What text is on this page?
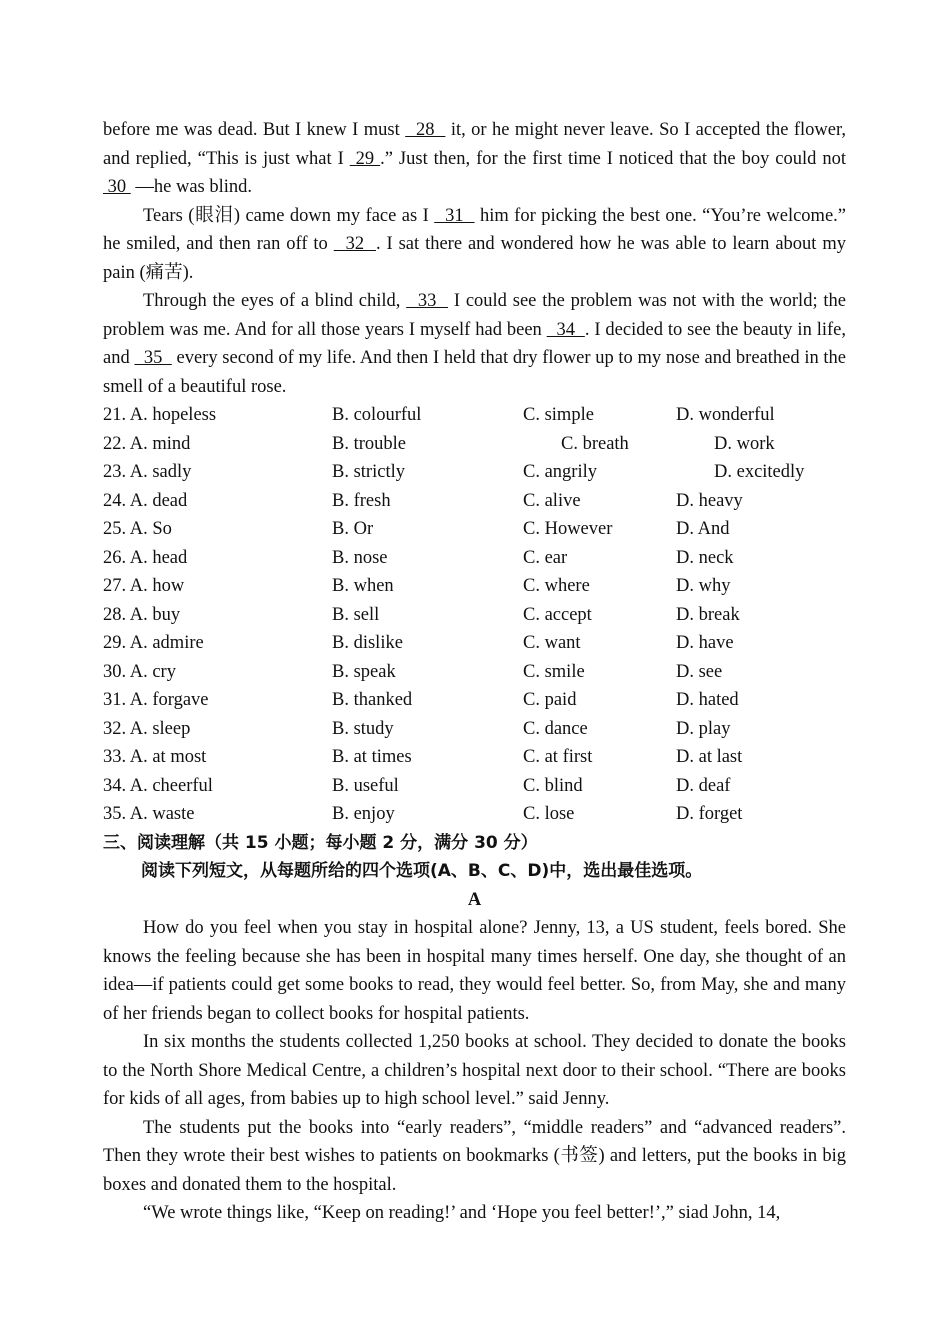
before me was dead. But I knew I must   28   it, or he might never leave. So I accepted the flower, and replied, “This is just what I  29 .” Just then, for the first time I noticed that the boy could not  30  —he was blind.

Tears (眼泪) came down my face as I   31   him for picking the best one. “You’re welcome.” he smiled, and then ran off to   32  . I sat there and wondered how he was able to learn about my pain (痛苦).

Through the eyes of a blind child,   33   I could see the problem was not with the world; the problem was me. And for all those years I myself had been   34  . I decided to see the beauty in life, and   35   every second of my life. And then I held that dry flower up to my nose and breathed in the smell of a beautiful rose.

21. A. hopeless	B. colourful	C. simple	D. wonderful
22. A. mind	B. trouble	C. breath	D. work
23. A. sadly	B. strictly	C. angrily	D. excitedly
24. A. dead	B. fresh	C. alive	D. heavy
25. A. So	B. Or	C. However	D. And
26. A. head	B. nose	C. ear	D. neck
27. A. how	B. when	C. where	D. why
28. A. buy	B. sell	C. accept	D. break
29. A. admire	B. dislike	C. want	D. have
30. A. cry	B. speak	C. smile	D. see
31. A. forgave	B. thanked	C. paid	D. hated
32. A. sleep	B. study	C. dance	D. play
33. A. at most	B. at times	C. at first	D. at last
34. A. cheerful	B. useful	C. blind	D. deaf
35. A. waste	B. enjoy	C. lose	D. forget

三、阅读理解（共 15 小题；每小题 2 分，满分 30 分）

阅读下列短文，从每题所给的四个选项(A、B、C、D)中，选出最佳选项。

A

How do you feel when you stay in hospital alone? Jenny, 13, a US student, feels bored. She knows the feeling because she has been in hospital many times herself. One day, she thought of an idea—if patients could get some books to read, they would feel better. So, from May, she and many of her friends began to collect books for hospital patients.

In six months the students collected 1,250 books at school. They decided to donate the books to the North Shore Medical Centre, a children’s hospital next door to their school. “There are books for kids of all ages, from babies up to high school level.” said Jenny.

The students put the books into “early readers”, “middle readers” and “advanced readers”. Then they wrote their best wishes to patients on bookmarks (书签) and letters, put the books in big boxes and donated them to the hospital.

“We wrote things like, “Keep on reading!’ and ‘Hope you feel better!’,” siad John, 14,
